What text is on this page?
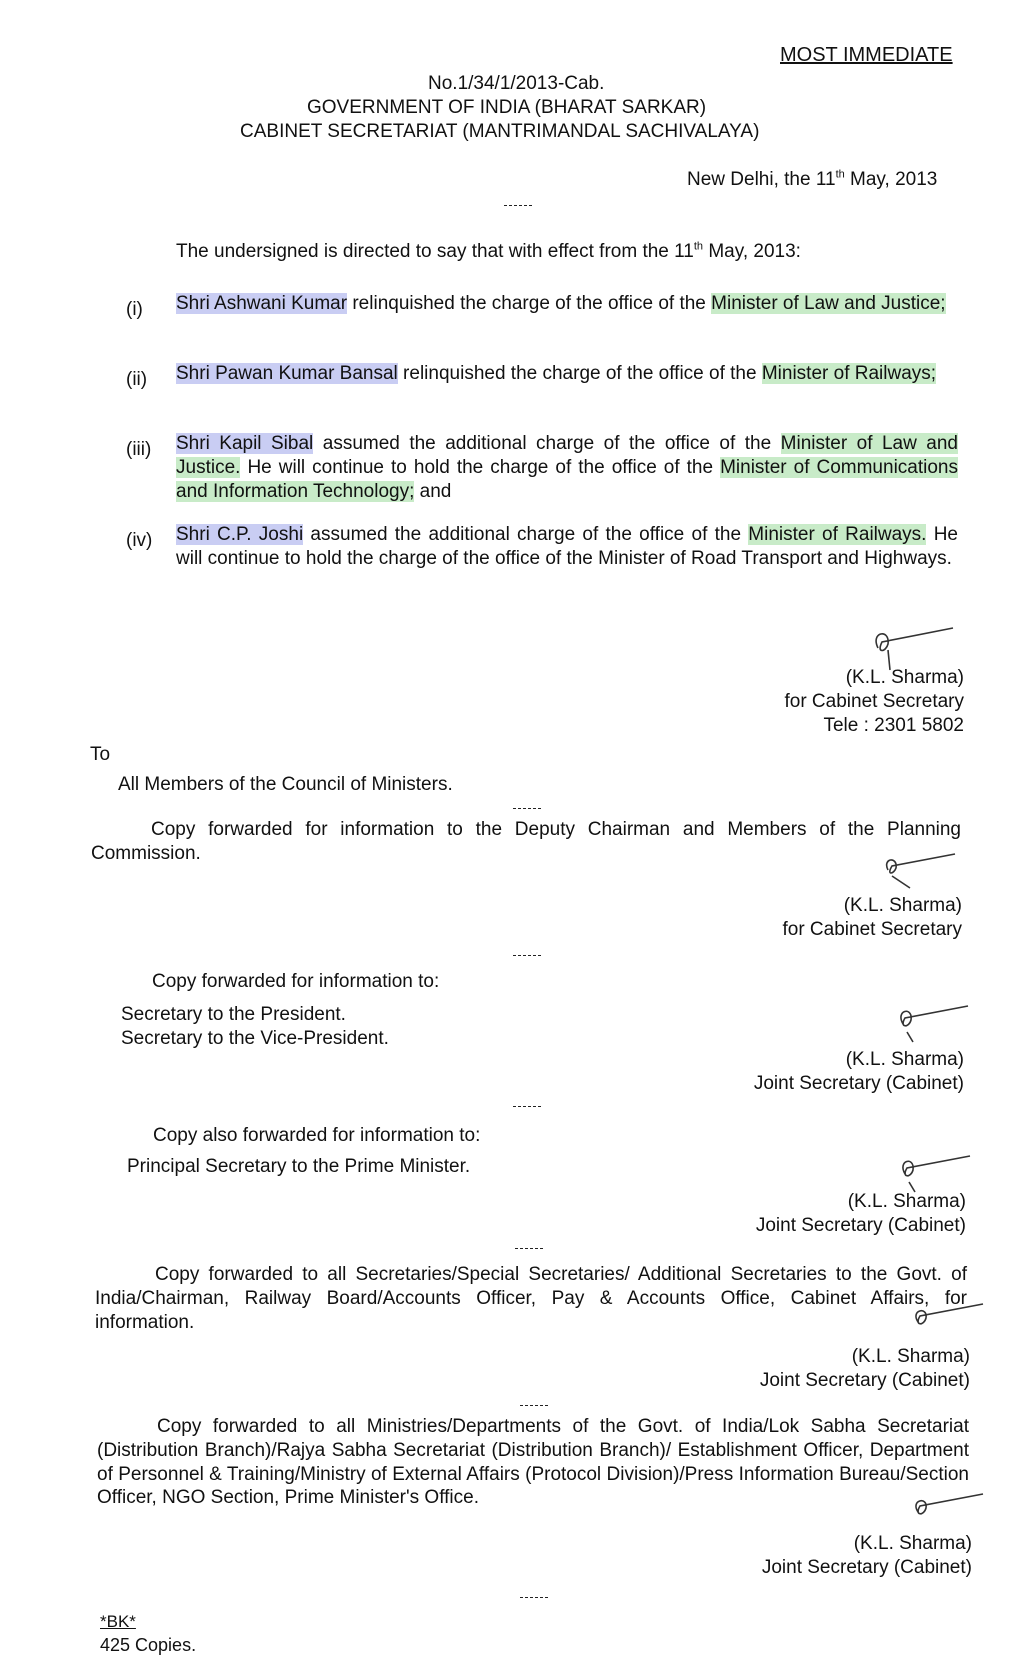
MOST IMMEDIATE
No.1/34/1/2013-Cab.
GOVERNMENT OF INDIA (BHARAT SARKAR)
CABINET SECRETARIAT (MANTRIMANDAL SACHIVALAYA)
New Delhi, the 11th May, 2013
The undersigned is directed to say that with effect from the 11th May, 2013:
(i) Shri Ashwani Kumar relinquished the charge of the office of the Minister of Law and Justice;
(ii) Shri Pawan Kumar Bansal relinquished the charge of the office of the Minister of Railways;
(iii) Shri Kapil Sibal assumed the additional charge of the office of the Minister of Law and Justice. He will continue to hold the charge of the office of the Minister of Communications and Information Technology; and
(iv) Shri C.P. Joshi assumed the additional charge of the office of the Minister of Railways. He will continue to hold the charge of the office of the Minister of Road Transport and Highways.
(K.L. Sharma)
for Cabinet Secretary
Tele : 2301 5802
To
All Members of the Council of Ministers.
Copy forwarded for information to the Deputy Chairman and Members of the Planning Commission.
(K.L. Sharma)
for Cabinet Secretary
Copy forwarded for information to:
Secretary to the President.
Secretary to the Vice-President.
(K.L. Sharma)
Joint Secretary (Cabinet)
Copy also forwarded for information to:
Principal Secretary to the Prime Minister.
(K.L. Sharma)
Joint Secretary (Cabinet)
Copy forwarded to all Secretaries/Special Secretaries/ Additional Secretaries to the Govt. of India/Chairman, Railway Board/Accounts Officer, Pay & Accounts Office, Cabinet Affairs, for information.
(K.L. Sharma)
Joint Secretary (Cabinet)
Copy forwarded to all Ministries/Departments of the Govt. of India/Lok Sabha Secretariat (Distribution Branch)/Rajya Sabha Secretariat (Distribution Branch)/ Establishment Officer, Department of Personnel & Training/Ministry of External Affairs (Protocol Division)/Press Information Bureau/Section Officer, NGO Section, Prime Minister's Office.
(K.L. Sharma)
Joint Secretary (Cabinet)
*BK*
425 Copies.
